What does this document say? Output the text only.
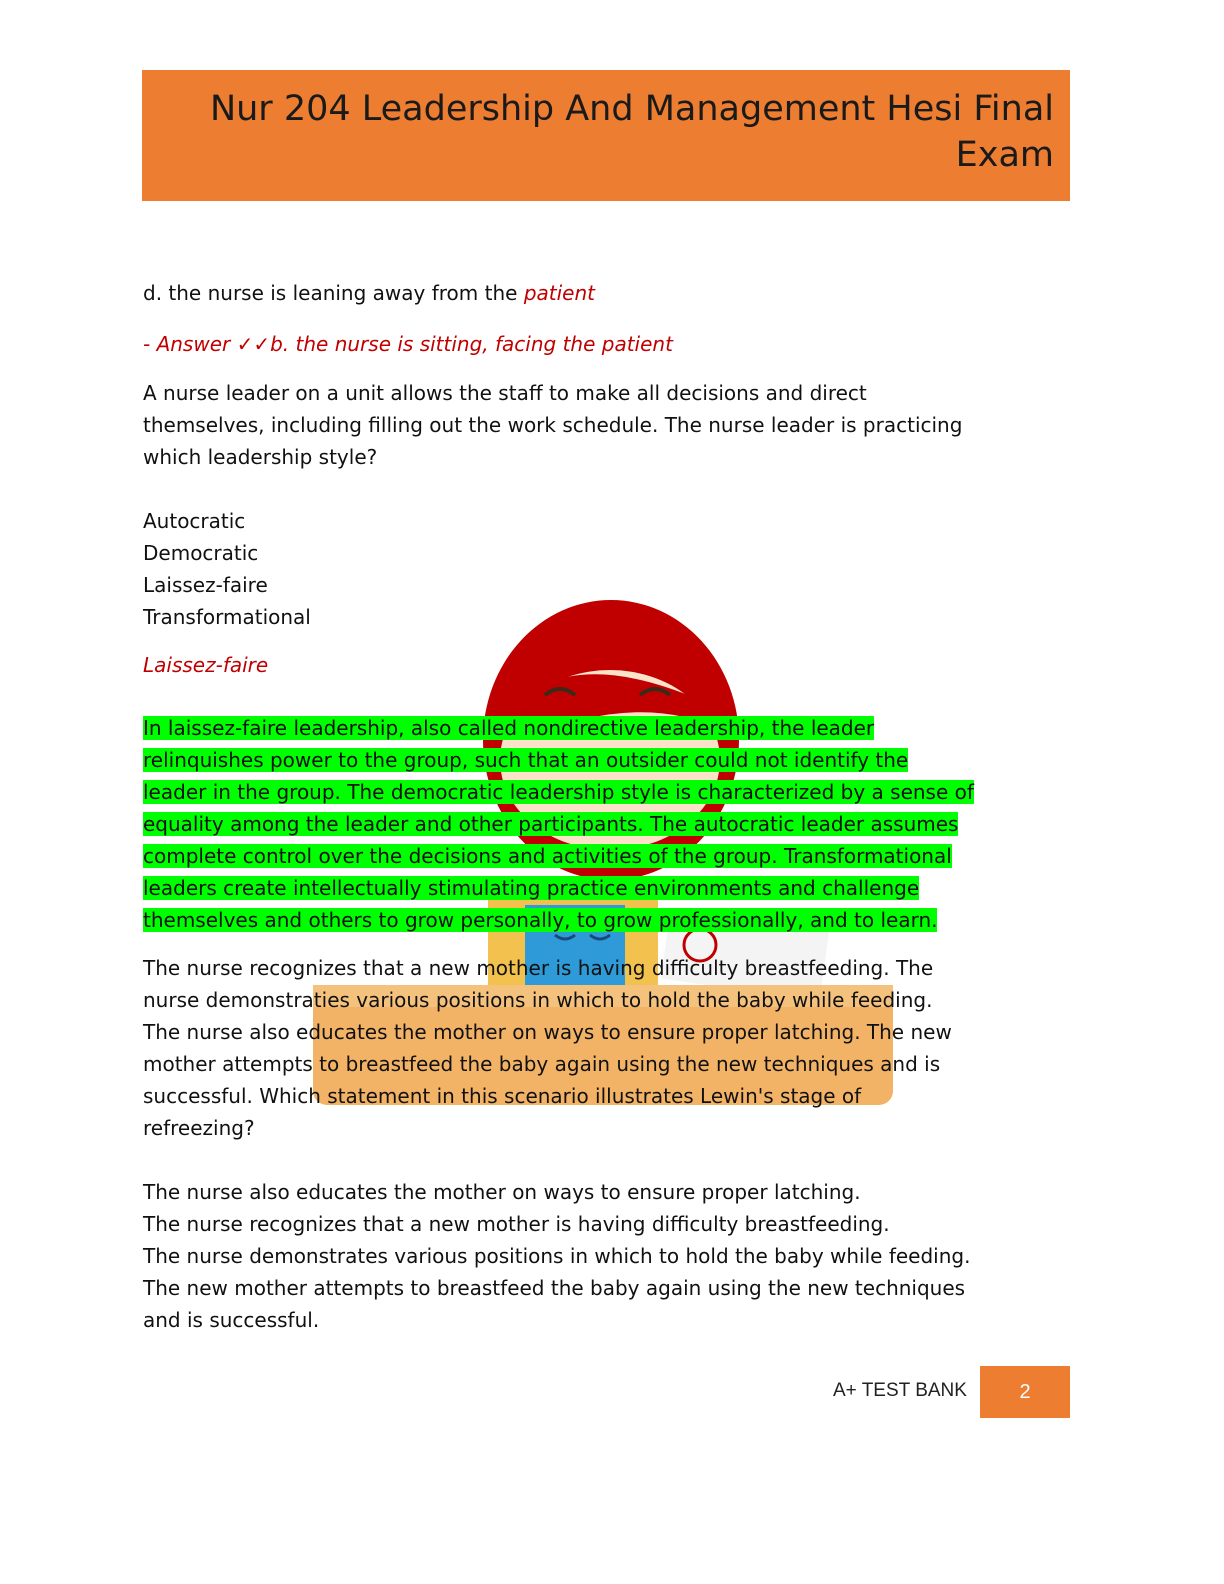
Nur 204 Leadership And Management Hesi Final
Exam
d. the nurse is leaning away from the patient
- Answer ✓✓b. the nurse is sitting, facing the patient
A nurse leader on a unit allows the staff to make all decisions and direct
themselves, including filling out the work schedule. The nurse leader is practicing
which leadership style?
Autocratic
Democratic
Laissez-faire
Transformational
Laissez-faire
In laissez-faire leadership, also called nondirective leadership, the leader
relinquishes power to the group, such that an outsider could not identify the
leader in the group. The democratic leadership style is characterized by a sense of
equality among the leader and other participants. The autocratic leader assumes
complete control over the decisions and activities of the group. Transformational
leaders create intellectually stimulating practice environments and challenge
themselves and others to grow personally, to grow professionally, and to learn.
The nurse recognizes that a new mother is having difficulty breastfeeding. The
nurse demonstraties various positions in which to hold the baby while feeding.
The nurse also educates the mother on ways to ensure proper latching. The new
mother attempts to breastfeed the baby again using the new techniques and is
successful. Which statement in this scenario illustrates Lewin's stage of
refreezing?
The nurse also educates the mother on ways to ensure proper latching.
The nurse recognizes that a new mother is having difficulty breastfeeding.
The nurse demonstrates various positions in which to hold the baby while feeding.
The new mother attempts to breastfeed the baby again using the new techniques
and is successful.
A+ TEST BANK	2
